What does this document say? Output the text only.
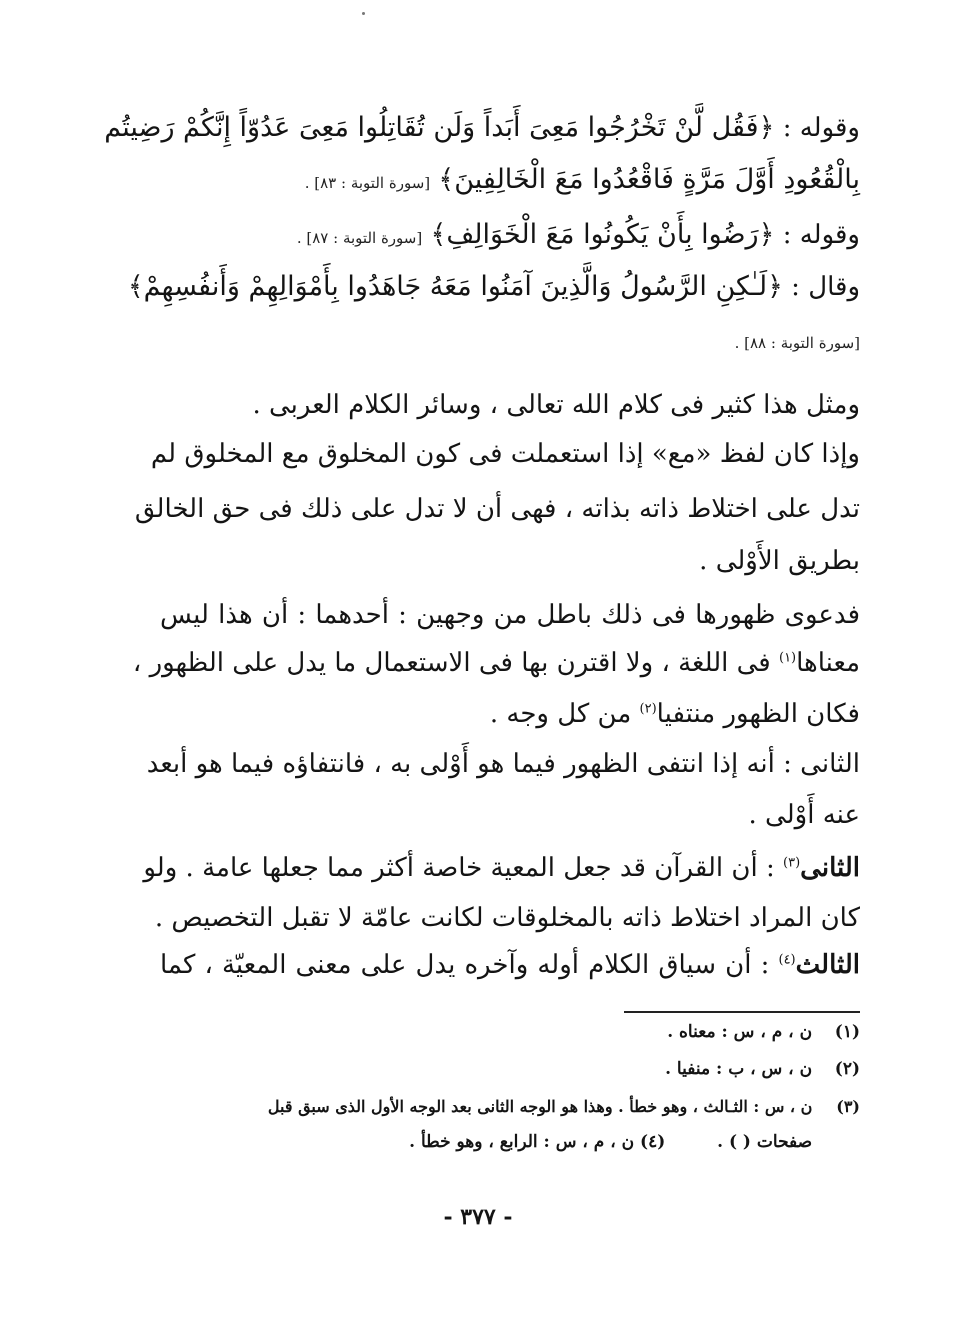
وقوله : ﴿فَقُل لَّنْ تَخْرُجُوا مَعِىَ أَبَداً وَلَن تُقَاتِلُوا مَعِىَ عَدُوّاً إِنَّكُمْ رَضِيتُم
بِالْقُعُودِ أَوَّلَ مَرَّةٍ فَاقْعُدُوا مَعَ الْخَالِفِينَ﴾ [سورة التوبة : ٨٣] .
وقوله : ﴿رَضُوا بِأَنْ يَكُونُوا مَعَ الْخَوَالِفِ﴾ [سورة التوبة : ٨٧] .
وقال : ﴿لَـٰكِنِ الرَّسُولُ وَالَّذِينَ آمَنُوا مَعَهُ جَاهَدُوا بِأَمْوَالِهِمْ وَأَنفُسِهِمْ﴾
[سورة التوبة : ٨٨] .
ومثل هذا كثير فى كلام الله تعالى ، وسائر الكلام العربى .
وإذا كان لفظ «مع» إذا استعملت فى كون المخلوق مع المخلوق لم
تدل على اختلاط ذاته بذاته ، فهى أن لا تدل على ذلك فى حق الخالق
بطريق الأَوْلى .
فدعوى ظهورها فى ذلك باطل من وجهين : أحدهما : أن هذا ليس
معناها$^{(١)}$ فى اللغة ، ولا اقترن بها فى الاستعمال ما يدل على الظهور ،
فكان الظهور منتفيا$^{(٢)}$ من كل وجه .
الثانى : أنه إذا انتفى الظهور فيما هو أَوْلى به ، فانتفاؤه فيما هو أبعد
عنه أَوْلى .
الثانى$^{(٣)}$ : أن القرآن قد جعل المعية خاصة أكثر مما جعلها عامة . ولو
كان المراد اختلاط ذاته بالمخلوقات لكانت عامّة لا تقبل التخصيص .
الثالث$^{(٤)}$ : أن سياق الكلام أوله وآخره يدل على معنى المعيّة ، كما
(١) ن ، م ، س : معناه .
(٢) ن ، س ، ب : منفيا .
(٣) ن ، س : الثـالث ، وهو خطأ . وهذا هو الوجه الثانى بعد الوجه الأول الذى سبق قبل
صفحات ( ) .  (٤) ن ، م ، س : الرابع ، وهو خطأ .
- ٣٧٧ -
